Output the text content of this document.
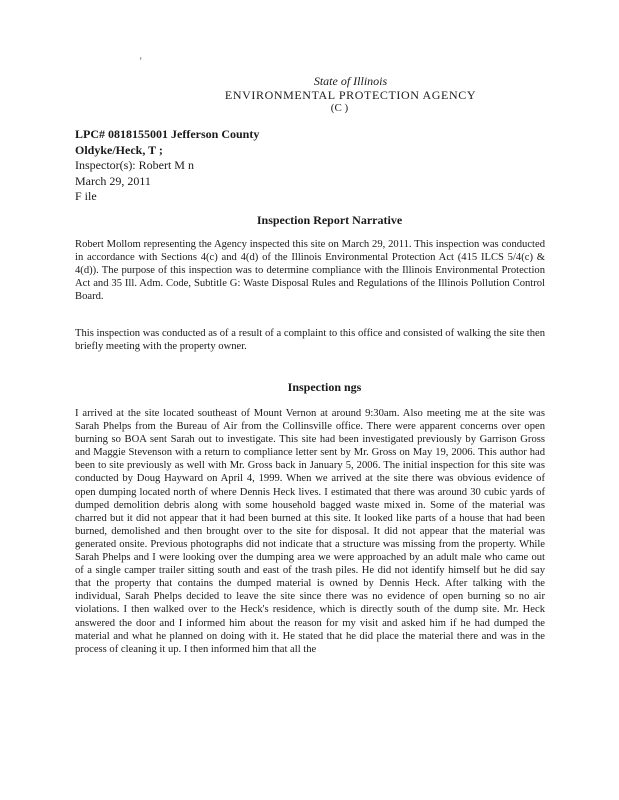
'
State of Illinois
ENVIRONMENTAL PROTECTION AGENCY
(C )
LPC# 0818155001 Jefferson County
Oldyke/Heck, T ;
Inspector(s): Robert M n
March 29, 2011
F ile
Inspection Report Narrative
Robert Mollom representing the Agency inspected this site on March 29, 2011. This inspection was conducted in accordance with Sections 4(c) and 4(d) of the Illinois Environmental Protection Act (415 ILCS 5/4(c) & 4(d)). The purpose of this inspection was to determine compliance with the Illinois Environmental Protection Act and 35 Ill. Adm. Code, Subtitle G: Waste Disposal Rules and Regulations of the Illinois Pollution Control Board.
This inspection was conducted as of a result of a complaint to this office and consisted of walking the site then briefly meeting with the property owner.
Inspection ngs
I arrived at the site located southeast of Mount Vernon at around 9:30am. Also meeting me at the site was Sarah Phelps from the Bureau of Air from the Collinsville office. There were apparent concerns over open burning so BOA sent Sarah out to investigate. This site had been investigated previously by Garrison Gross and Maggie Stevenson with a return to compliance letter sent by Mr. Gross on May 19, 2006. This author had been to site previously as well with Mr. Gross back in January 5, 2006. The initial inspection for this site was conducted by Doug Hayward on April 4, 1999. When we arrived at the site there was obvious evidence of open dumping located north of where Dennis Heck lives. I estimated that there was around 30 cubic yards of dumped demolition debris along with some household bagged waste mixed in. Some of the material was charred but it did not appear that it had been burned at this site. It looked like parts of a house that had been burned, demolished and then brought over to the site for disposal. It did not appear that the material was generated onsite. Previous photographs did not indicate that a structure was missing from the property. While Sarah Phelps and I were looking over the dumping area we were approached by an adult male who came out of a single camper trailer sitting south and east of the trash piles. He did not identify himself but he did say that the property that contains the dumped material is owned by Dennis Heck. After talking with the individual, Sarah Phelps decided to leave the site since there was no evidence of open burning so no air violations. I then walked over to the Heck's residence, which is directly south of the dump site. Mr. Heck answered the door and I informed him about the reason for my visit and asked him if he had dumped the material and what he planned on doing with it. He stated that he did place the material there and was in the process of cleaning it up. I then informed him that all the
